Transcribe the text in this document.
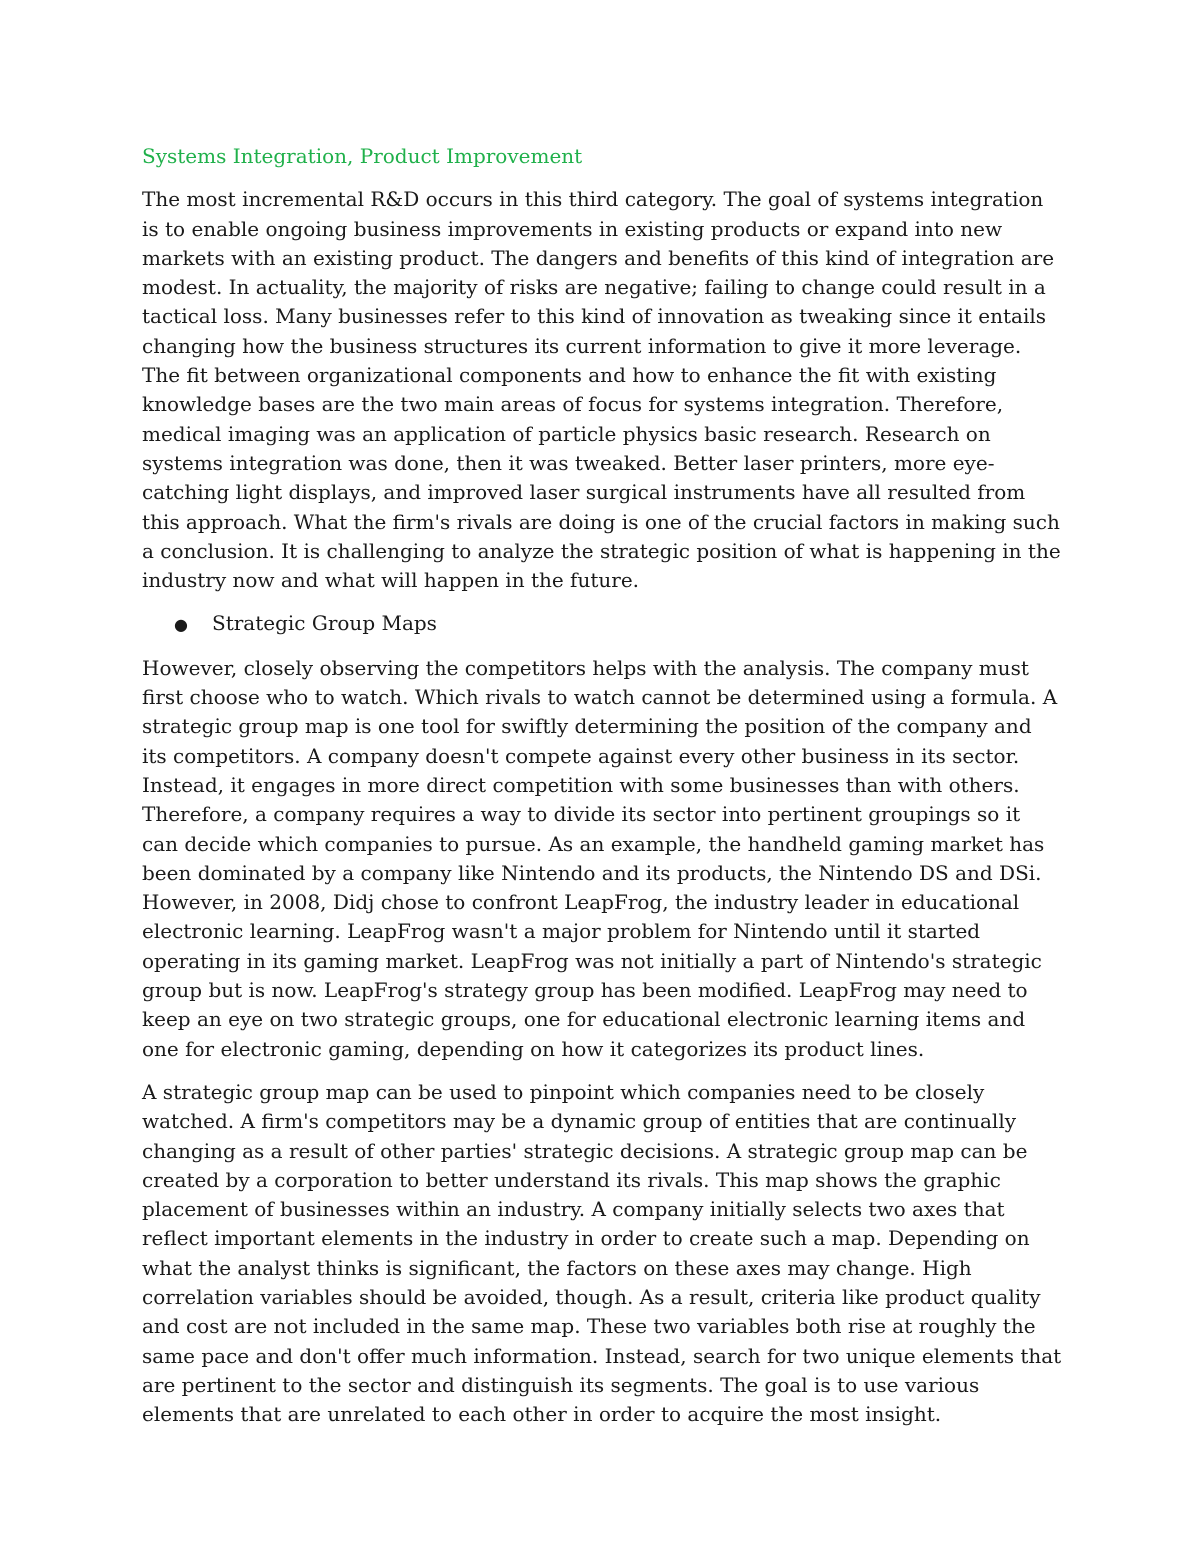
Systems Integration, Product Improvement

The most incremental R&D occurs in this third category. The goal of systems integration is to enable ongoing business improvements in existing products or expand into new markets with an existing product. The dangers and benefits of this kind of integration are modest. In actuality, the majority of risks are negative; failing to change could result in a tactical loss. Many businesses refer to this kind of innovation as tweaking since it entails changing how the business structures its current information to give it more leverage. The fit between organizational components and how to enhance the fit with existing knowledge bases are the two main areas of focus for systems integration. Therefore, medical imaging was an application of particle physics basic research. Research on systems integration was done, then it was tweaked. Better laser printers, more eye-catching light displays, and improved laser surgical instruments have all resulted from this approach. What the firm's rivals are doing is one of the crucial factors in making such a conclusion. It is challenging to analyze the strategic position of what is happening in the industry now and what will happen in the future.

●	Strategic Group Maps

However, closely observing the competitors helps with the analysis. The company must first choose who to watch. Which rivals to watch cannot be determined using a formula. A strategic group map is one tool for swiftly determining the position of the company and its competitors. A company doesn't compete against every other business in its sector. Instead, it engages in more direct competition with some businesses than with others. Therefore, a company requires a way to divide its sector into pertinent groupings so it can decide which companies to pursue. As an example, the handheld gaming market has been dominated by a company like Nintendo and its products, the Nintendo DS and DSi. However, in 2008, Didj chose to confront LeapFrog, the industry leader in educational electronic learning. LeapFrog wasn't a major problem for Nintendo until it started operating in its gaming market. LeapFrog was not initially a part of Nintendo's strategic group but is now. LeapFrog's strategy group has been modified. LeapFrog may need to keep an eye on two strategic groups, one for educational electronic learning items and one for electronic gaming, depending on how it categorizes its product lines.

A strategic group map can be used to pinpoint which companies need to be closely watched. A firm's competitors may be a dynamic group of entities that are continually changing as a result of other parties' strategic decisions. A strategic group map can be created by a corporation to better understand its rivals. This map shows the graphic placement of businesses within an industry. A company initially selects two axes that reflect important elements in the industry in order to create such a map. Depending on what the analyst thinks is significant, the factors on these axes may change. High correlation variables should be avoided, though. As a result, criteria like product quality and cost are not included in the same map. These two variables both rise at roughly the same pace and don't offer much information. Instead, search for two unique elements that are pertinent to the sector and distinguish its segments. The goal is to use various elements that are unrelated to each other in order to acquire the most insight.
